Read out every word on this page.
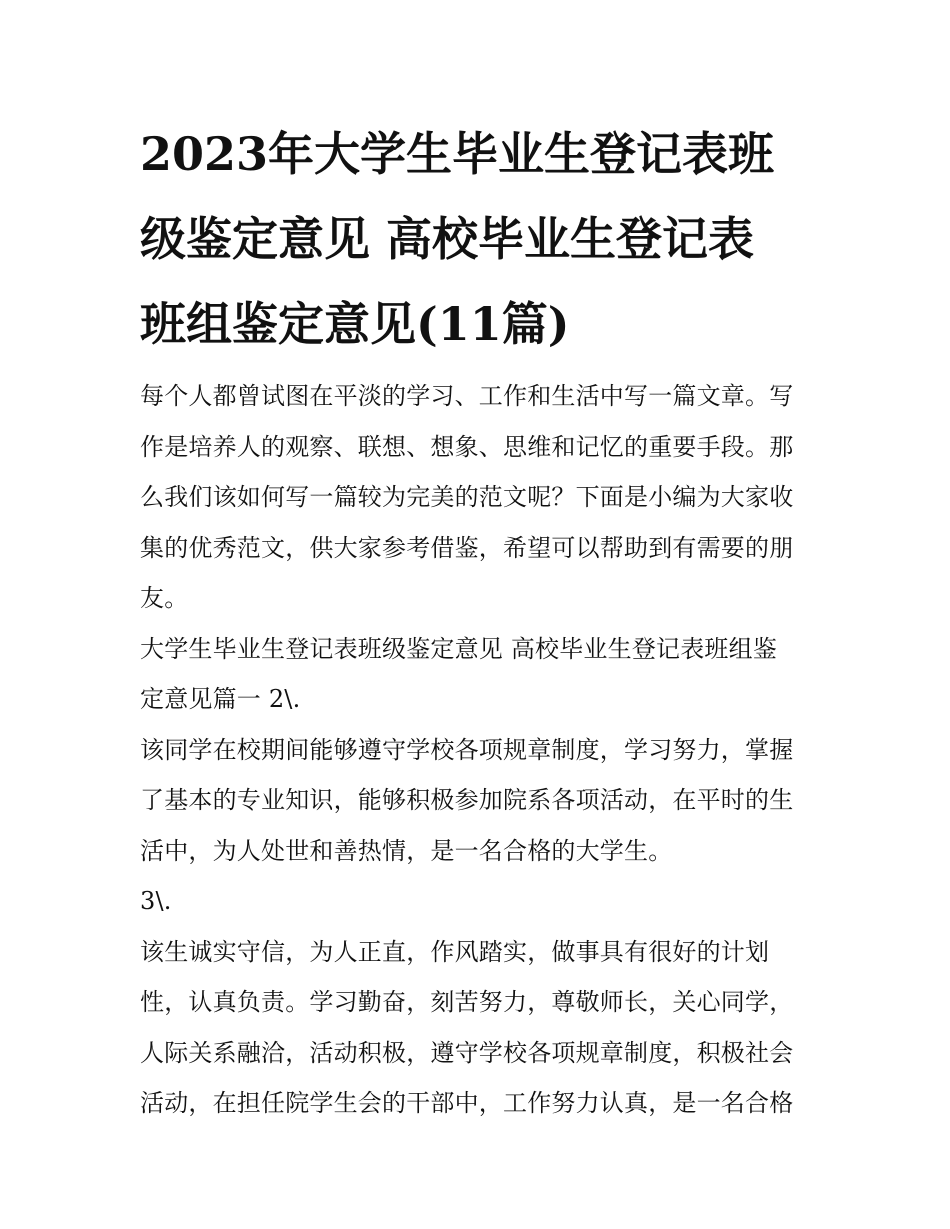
2023年大学生毕业生登记表班
级鉴定意见 高校毕业生登记表
班组鉴定意见(11篇)

每个人都曾试图在平淡的学习、工作和生活中写一篇文章。写
作是培养人的观察、联想、想象、思维和记忆的重要手段。那
么我们该如何写一篇较为完美的范文呢？下面是小编为大家收
集的优秀范文，供大家参考借鉴，希望可以帮助到有需要的朋
友。

大学生毕业生登记表班级鉴定意见 高校毕业生登记表班组鉴
定意见篇一 2\.

该同学在校期间能够遵守学校各项规章制度，学习努力，掌握
了基本的专业知识，能够积极参加院系各项活动，在平时的生
活中，为人处世和善热情，是一名合格的大学生。

3\.

该生诚实守信，为人正直，作风踏实，做事具有很好的计划
性，认真负责。学习勤奋，刻苦努力，尊敬师长，关心同学，
人际关系融洽，活动积极，遵守学校各项规章制度，积极社会
活动，在担任院学生会的干部中，工作努力认真，是一名合格
